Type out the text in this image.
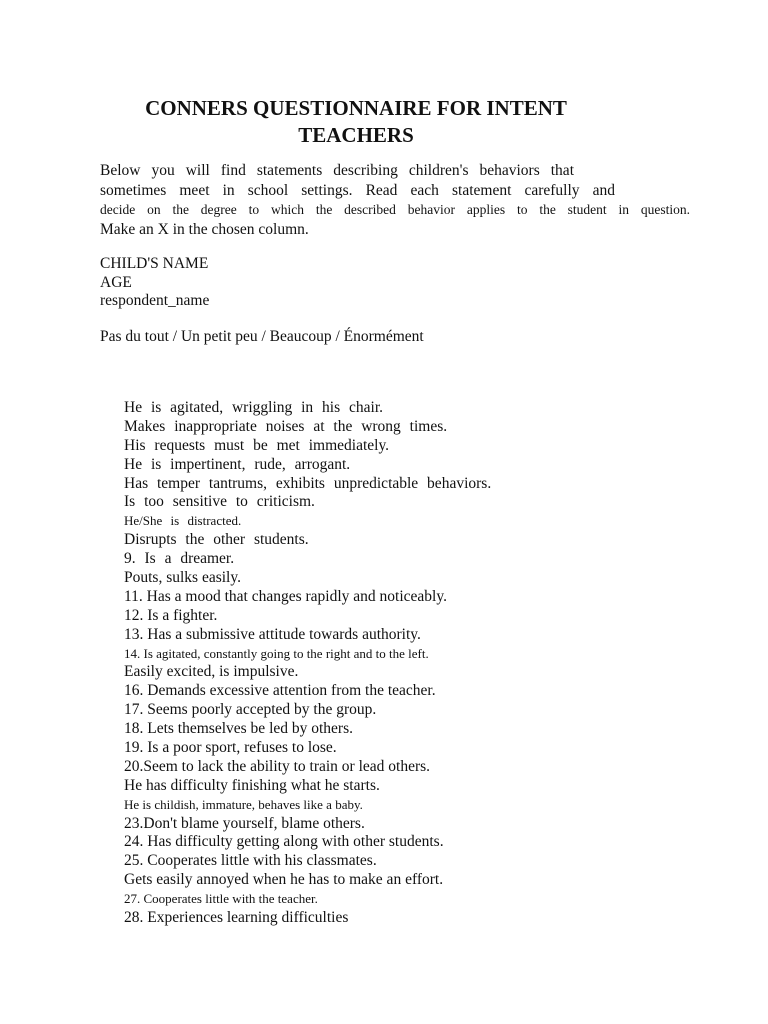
CONNERS QUESTIONNAIRE FOR INTENT
TEACHERS
Below you will find statements describing children's behaviors that
sometimes meet in school settings. Read each statement carefully and
decide on the degree to which the described behavior applies to the student in question.
Make an X in the chosen column.
CHILD'S NAME
AGE
respondent_name
Pas du tout / Un petit peu / Beaucoup / Énormément
He is agitated, wriggling in his chair.
Makes inappropriate noises at the wrong times.
His requests must be met immediately.
He is impertinent, rude, arrogant.
Has temper tantrums, exhibits unpredictable behaviors.
Is too sensitive to criticism.
He/She is distracted.
Disrupts the other students.
9. Is a dreamer.
Pouts, sulks easily.
11. Has a mood that changes rapidly and noticeably.
12. Is a fighter.
13. Has a submissive attitude towards authority.
14. Is agitated, constantly going to the right and to the left.
Easily excited, is impulsive.
16. Demands excessive attention from the teacher.
17. Seems poorly accepted by the group.
18. Lets themselves be led by others.
19. Is a poor sport, refuses to lose.
20.Seem to lack the ability to train or lead others.
He has difficulty finishing what he starts.
He is childish, immature, behaves like a baby.
23.Don't blame yourself, blame others.
24. Has difficulty getting along with other students.
25. Cooperates little with his classmates.
Gets easily annoyed when he has to make an effort.
27. Cooperates little with the teacher.
28. Experiences learning difficulties
